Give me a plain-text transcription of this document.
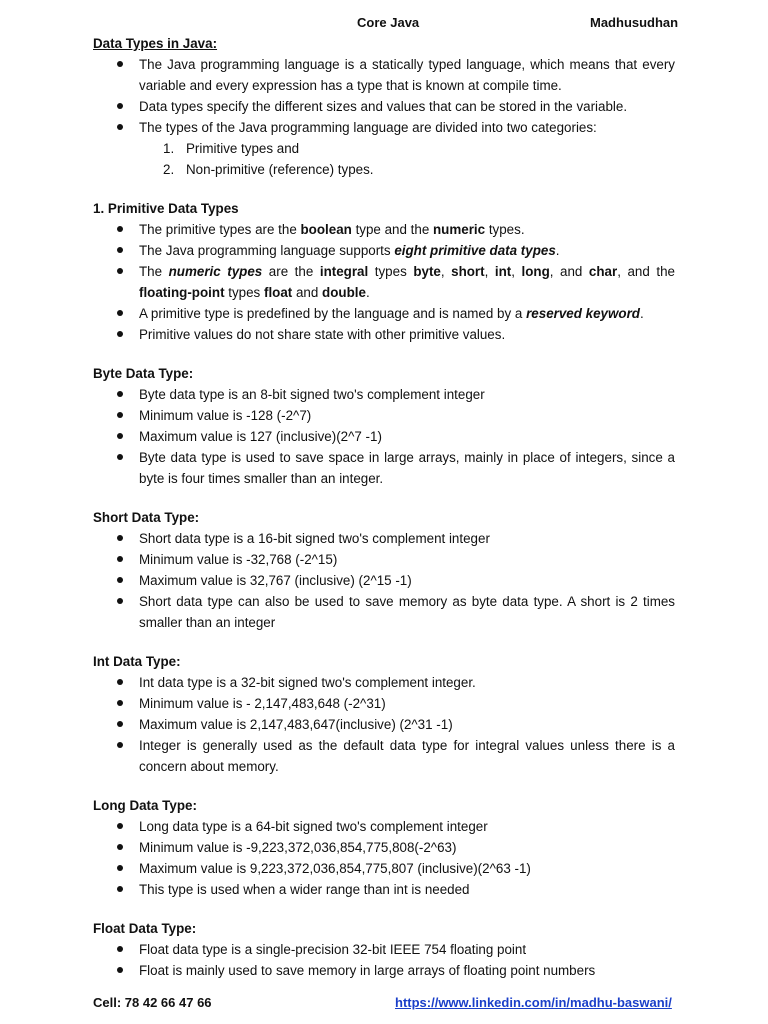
Core Java	Madhusudhan
Data Types in Java:
The Java programming language is a statically typed language, which means that every variable and every expression has a type that is known at compile time.
Data types specify the different sizes and values that can be stored in the variable.
The types of the Java programming language are divided into two categories:
1. Primitive types and
2. Non-primitive (reference) types.
1. Primitive Data Types
The primitive types are the boolean type and the numeric types.
The Java programming language supports eight primitive data types.
The numeric types are the integral types byte, short, int, long, and char, and the floating-point types float and double.
A primitive type is predefined by the language and is named by a reserved keyword.
Primitive values do not share state with other primitive values.
Byte Data Type:
Byte data type is an 8-bit signed two's complement integer
Minimum value is -128 (-2^7)
Maximum value is 127 (inclusive)(2^7 -1)
Byte data type is used to save space in large arrays, mainly in place of integers, since a byte is four times smaller than an integer.
Short Data Type:
Short data type is a 16-bit signed two's complement integer
Minimum value is -32,768 (-2^15)
Maximum value is 32,767 (inclusive) (2^15 -1)
Short data type can also be used to save memory as byte data type. A short is 2 times smaller than an integer
Int Data Type:
Int data type is a 32-bit signed two's complement integer.
Minimum value is - 2,147,483,648 (-2^31)
Maximum value is 2,147,483,647(inclusive) (2^31 -1)
Integer is generally used as the default data type for integral values unless there is a concern about memory.
Long Data Type:
Long data type is a 64-bit signed two's complement integer
Minimum value is -9,223,372,036,854,775,808(-2^63)
Maximum value is 9,223,372,036,854,775,807 (inclusive)(2^63 -1)
This type is used when a wider range than int is needed
Float Data Type:
Float data type is a single-precision 32-bit IEEE 754 floating point
Float is mainly used to save memory in large arrays of floating point numbers
Cell: 78 42 66 47 66	https://www.linkedin.com/in/madhu-baswani/
